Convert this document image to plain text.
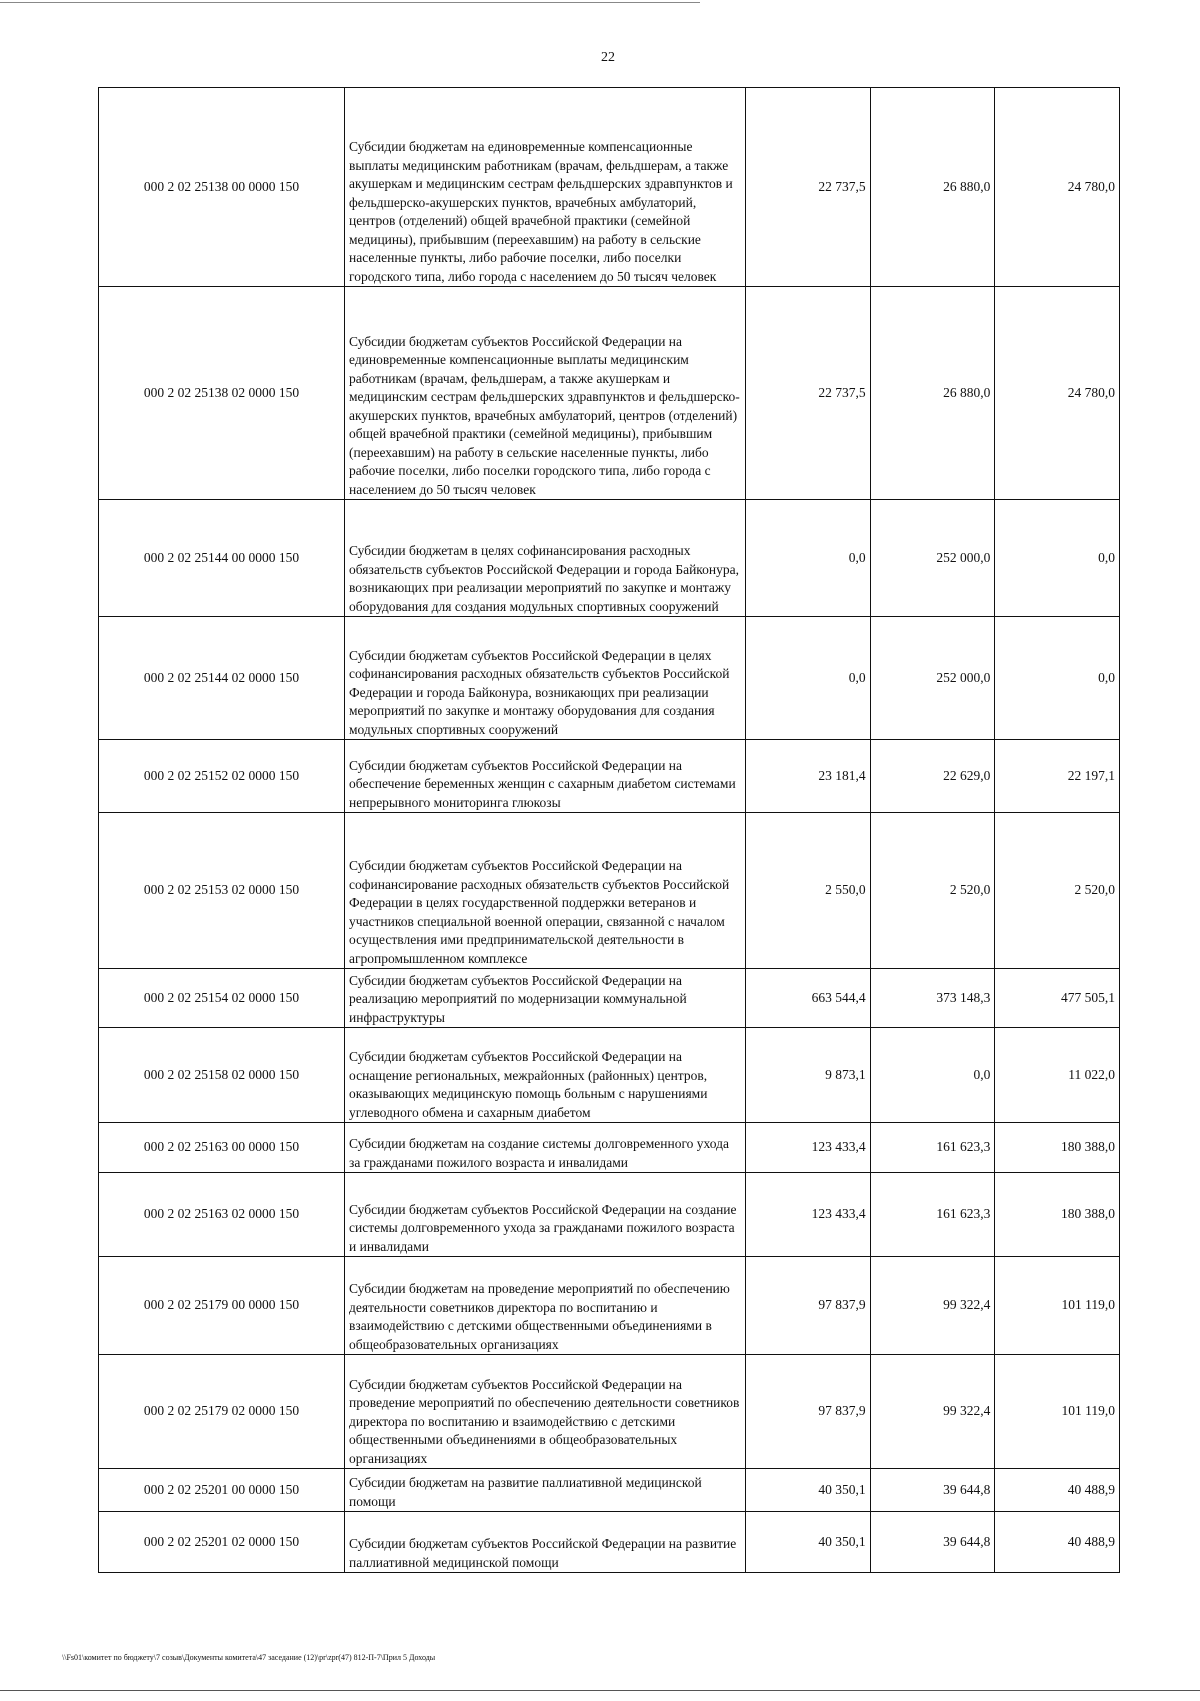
22
000 2 02 25138 00 0000 150	Субсидии бюджетам на единовременные компенсационные выплаты медицинским работникам (врачам, фельдшерам, а также акушеркам и медицинским сестрам фельдшерских здравпунктов и фельдшерско-акушерских пунктов, врачебных амбулаторий, центров (отделений) общей врачебной практики (семейной медицины), прибывшим (переехавшим) на работу в сельские населенные пункты, либо рабочие поселки, либо поселки городского типа, либо города с населением до 50 тысяч человек	22 737,5	26 880,0	24 780,0
000 2 02 25138 02 0000 150	Субсидии бюджетам субъектов Российской Федерации на единовременные компенсационные выплаты медицинским работникам (врачам, фельдшерам, а также акушеркам и медицинским сестрам фельдшерских здравпунктов и фельдшерско-акушерских пунктов, врачебных амбулаторий, центров (отделений) общей врачебной практики (семейной медицины), прибывшим (переехавшим) на работу в сельские населенные пункты, либо рабочие поселки, либо поселки городского типа, либо города с населением до 50 тысяч человек	22 737,5	26 880,0	24 780,0
000 2 02 25144 00 0000 150	Субсидии бюджетам в целях софинансирования расходных обязательств субъектов Российской Федерации и города Байконура, возникающих при реализации мероприятий по закупке и монтажу оборудования для создания модульных спортивных сооружений	0,0	252 000,0	0,0
000 2 02 25144 02 0000 150	Субсидии бюджетам субъектов Российской Федерации в целях софинансирования расходных обязательств субъектов Российской Федерации и города Байконура, возникающих при реализации мероприятий по закупке и монтажу оборудования для создания модульных спортивных сооружений	0,0	252 000,0	0,0
000 2 02 25152 02 0000 150	Субсидии бюджетам субъектов Российской Федерации на обеспечение беременных женщин с сахарным диабетом системами непрерывного мониторинга глюкозы	23 181,4	22 629,0	22 197,1
000 2 02 25153 02 0000 150	Субсидии бюджетам субъектов Российской Федерации на софинансирование расходных обязательств субъектов Российской Федерации в целях государственной поддержки ветеранов и участников специальной военной операции, связанной с началом осуществления ими предпринимательской деятельности в агропромышленном комплексе	2 550,0	2 520,0	2 520,0
000 2 02 25154 02 0000 150	Субсидии бюджетам субъектов Российской Федерации на реализацию мероприятий по модернизации коммунальной инфраструктуры	663 544,4	373 148,3	477 505,1
000 2 02 25158 02 0000 150	Субсидии бюджетам субъектов Российской Федерации на оснащение региональных, межрайонных (районных) центров, оказывающих медицинскую помощь больным с нарушениями углеводного обмена и сахарным диабетом	9 873,1	0,0	11 022,0
000 2 02 25163 00 0000 150	Субсидии бюджетам на создание системы долговременного ухода за гражданами пожилого возраста и инвалидами	123 433,4	161 623,3	180 388,0
000 2 02 25163 02 0000 150	Субсидии бюджетам субъектов Российской Федерации на создание системы долговременного ухода за гражданами пожилого возраста и инвалидами	123 433,4	161 623,3	180 388,0
000 2 02 25179 00 0000 150	Субсидии бюджетам на проведение мероприятий по обеспечению деятельности советников директора по воспитанию и взаимодействию с детскими общественными объединениями в общеобразовательных организациях	97 837,9	99 322,4	101 119,0
000 2 02 25179 02 0000 150	Субсидии бюджетам субъектов Российской Федерации на проведение мероприятий по обеспечению деятельности советников директора по воспитанию и взаимодействию с детскими общественными объединениями в общеобразовательных организациях	97 837,9	99 322,4	101 119,0
000 2 02 25201 00 0000 150	Субсидии бюджетам на развитие паллиативной медицинской помощи	40 350,1	39 644,8	40 488,9
000 2 02 25201 02 0000 150	Субсидии бюджетам субъектов Российской Федерации на развитие паллиативной медицинской помощи	40 350,1	39 644,8	40 488,9
\\Fs01\комитет по бюджету\7 созыв\Документы комитета\47 заседание (12)\pr\zpr(47) 812-П-7\Прил 5 Доходы
